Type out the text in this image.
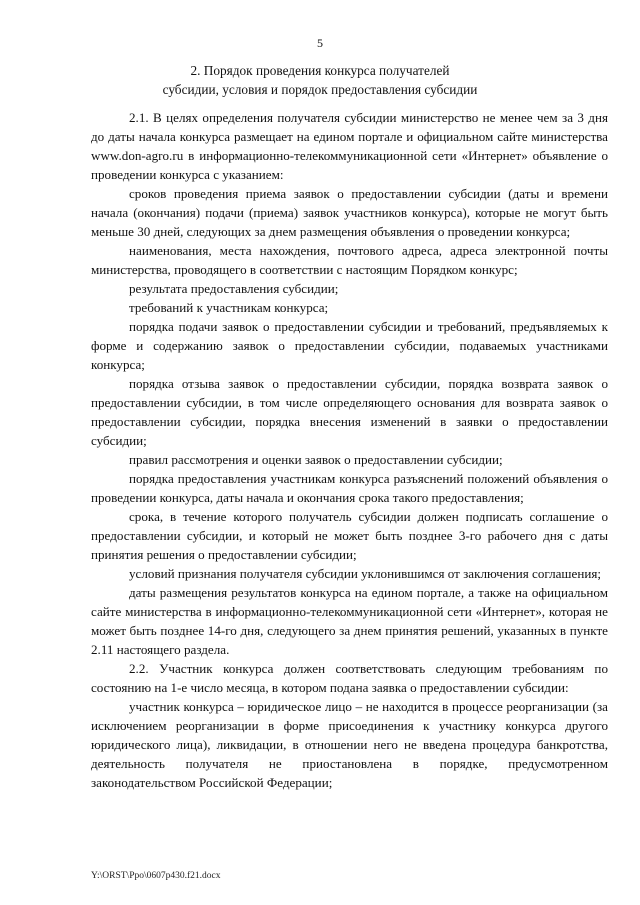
5
2. Порядок проведения конкурса получателей
субсидии, условия и порядок предоставления субсидии

2.1. В целях определения получателя субсидии министерство не менее чем за 3 дня до даты начала конкурса размещает на едином портале и официальном сайте министерства www.don-agro.ru в информационно-телекоммуникационной сети «Интернет» объявление о проведении конкурса с указанием:

сроков проведения приема заявок о предоставлении субсидии (даты и времени начала (окончания) подачи (приема) заявок участников конкурса), которые не могут быть меньше 30 дней, следующих за днем размещения объявления о проведении конкурса;

наименования, места нахождения, почтового адреса, адреса электронной почты министерства, проводящего в соответствии с настоящим Порядком конкурс;

результата предоставления субсидии;

требований к участникам конкурса;

порядка подачи заявок о предоставлении субсидии и требований, предъявляемых к форме и содержанию заявок о предоставлении субсидии, подаваемых участниками конкурса;

порядка отзыва заявок о предоставлении субсидии, порядка возврата заявок о предоставлении субсидии, в том числе определяющего основания для возврата заявок о предоставлении субсидии, порядка внесения изменений в заявки о предоставлении субсидии;

правил рассмотрения и оценки заявок о предоставлении субсидии;

порядка предоставления участникам конкурса разъяснений положений объявления о проведении конкурса, даты начала и окончания срока такого предоставления;

срока, в течение которого получатель субсидии должен подписать соглашение о предоставлении субсидии, и который не может быть позднее 3-го рабочего дня с даты принятия решения о предоставлении субсидии;

условий признания получателя субсидии уклонившимся от заключения соглашения;

даты размещения результатов конкурса на едином портале, а также на официальном сайте министерства в информационно-телекоммуникационной сети «Интернет», которая не может быть позднее 14-го дня, следующего за днем принятия решений, указанных в пункте 2.11 настоящего раздела.

2.2. Участник конкурса должен соответствовать следующим требованиям по состоянию на 1-е число месяца, в котором подана заявка о предоставлении субсидии:

участник конкурса – юридическое лицо – не находится в процессе реорганизации (за исключением реорганизации в форме присоединения к участнику конкурса другого юридического лица), ликвидации, в отношении него не введена процедура банкротства, деятельность получателя не приостановлена в порядке, предусмотренном законодательством Российской Федерации;

Y:\ORST\Ppo\0607p430.f21.docx
